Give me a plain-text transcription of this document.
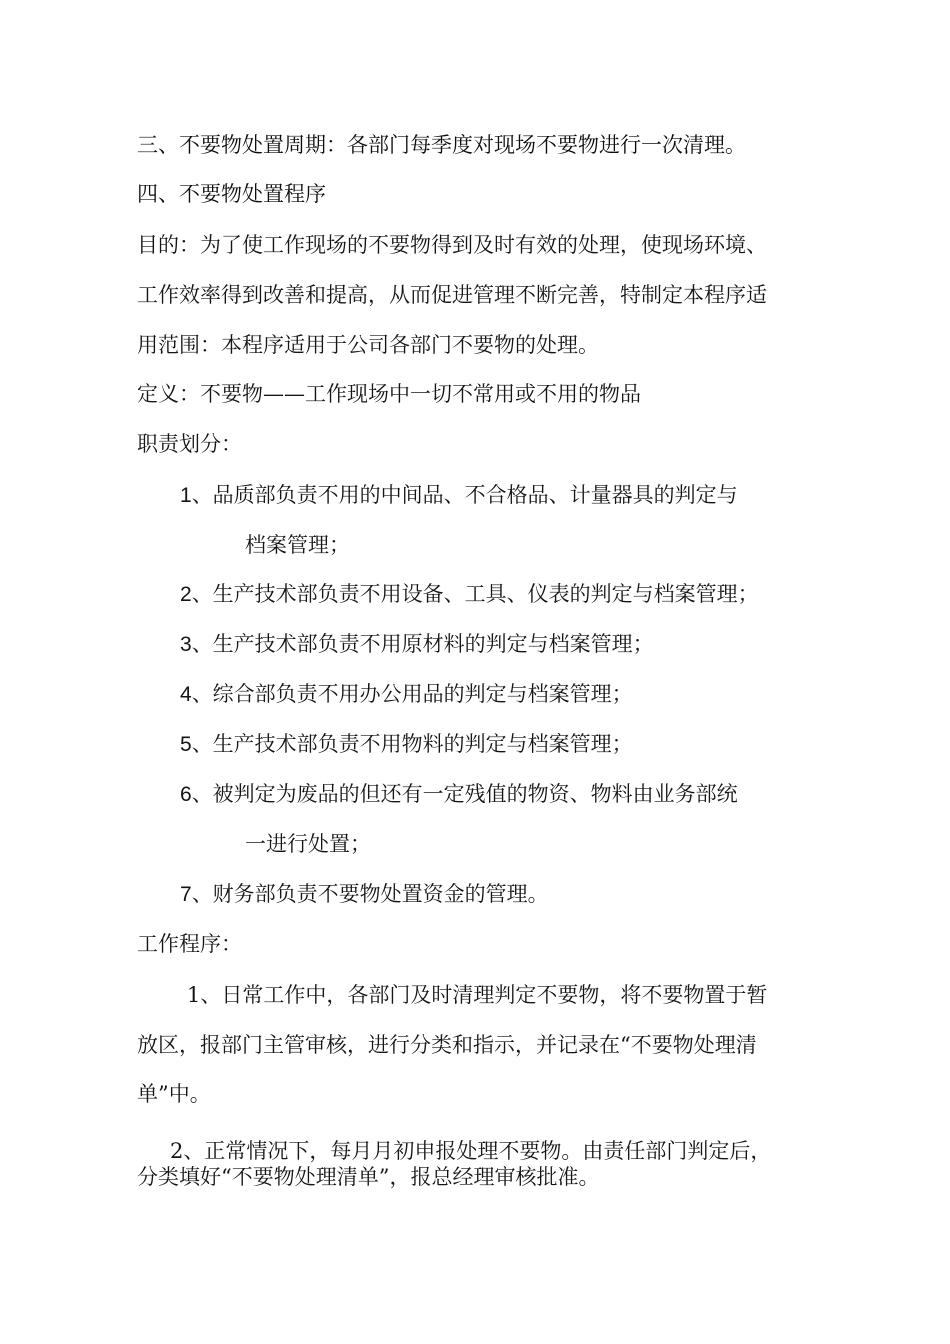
三、不要物处置周期：各部门每季度对现场不要物进行一次清理。
四、不要物处置程序
目的：为了使工作现场的不要物得到及时有效的处理，使现场环境、
工作效率得到改善和提高，从而促进管理不断完善，特制定本程序适
用范围：本程序适用于公司各部门不要物的处理。
定义：不要物——工作现场中一切不常用或不用的物品
职责划分：
1、品质部负责不用的中间品、不合格品、计量器具的判定与
档案管理；
2、生产技术部负责不用设备、工具、仪表的判定与档案管理；
3、生产技术部负责不用原材料的判定与档案管理；
4、综合部负责不用办公用品的判定与档案管理；
5、生产技术部负责不用物料的判定与档案管理；
6、被判定为废品的但还有一定残值的物资、物料由业务部统
一进行处置；
7、财务部负责不要物处置资金的管理。
工作程序：
1、日常工作中，各部门及时清理判定不要物，将不要物置于暂
放区，报部门主管审核，进行分类和指示，并记录在“不要物处理清
单”中。
2、正常情况下，每月月初申报处理不要物。由责任部门判定后，
分类填好“不要物处理清单”，报总经理审核批准。
